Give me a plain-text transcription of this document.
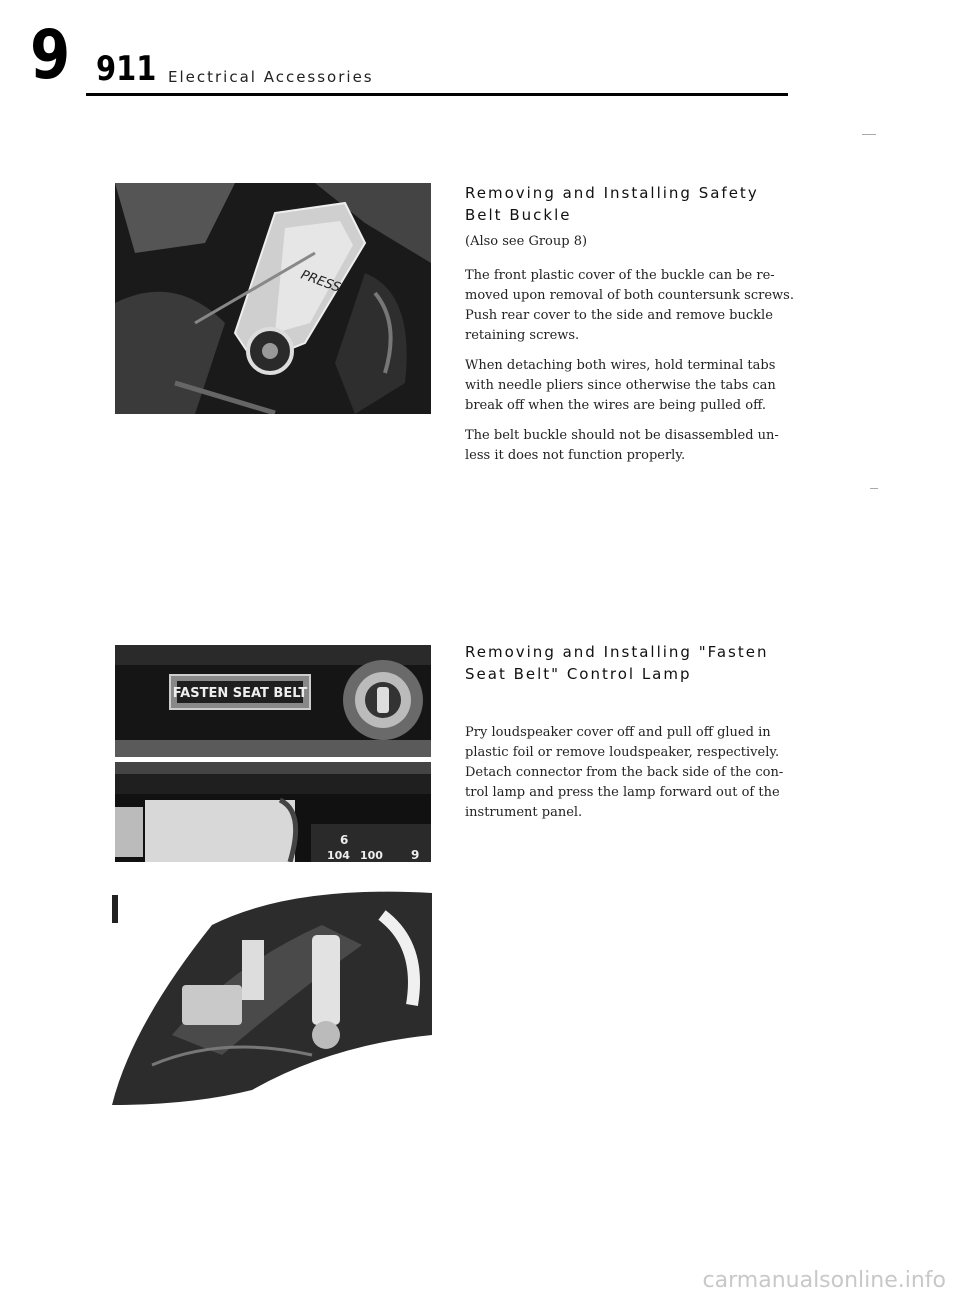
9 911 Electrical Accessories
PRESS
FASTEN SEAT BELT
6
104 100 9
Removing and Installing Safety Belt Buckle

(Also see Group 8)

The front plastic cover of the buckle can be re-moved upon removal of both countersunk screws. Push rear cover to the side and remove buckle retaining screws.

When detaching both wires, hold terminal tabs with needle pliers since otherwise the tabs can break off when the wires are being pulled off.

The belt buckle should not be disassembled un-less it does not function properly.

Removing and Installing "Fasten Seat Belt" Control Lamp

Pry loudspeaker cover off and pull off glued in plastic foil or remove loudspeaker, respectively. Detach connector from the back side of the con-trol lamp and press the lamp forward out of the instrument panel.

carmanualsonline.info
